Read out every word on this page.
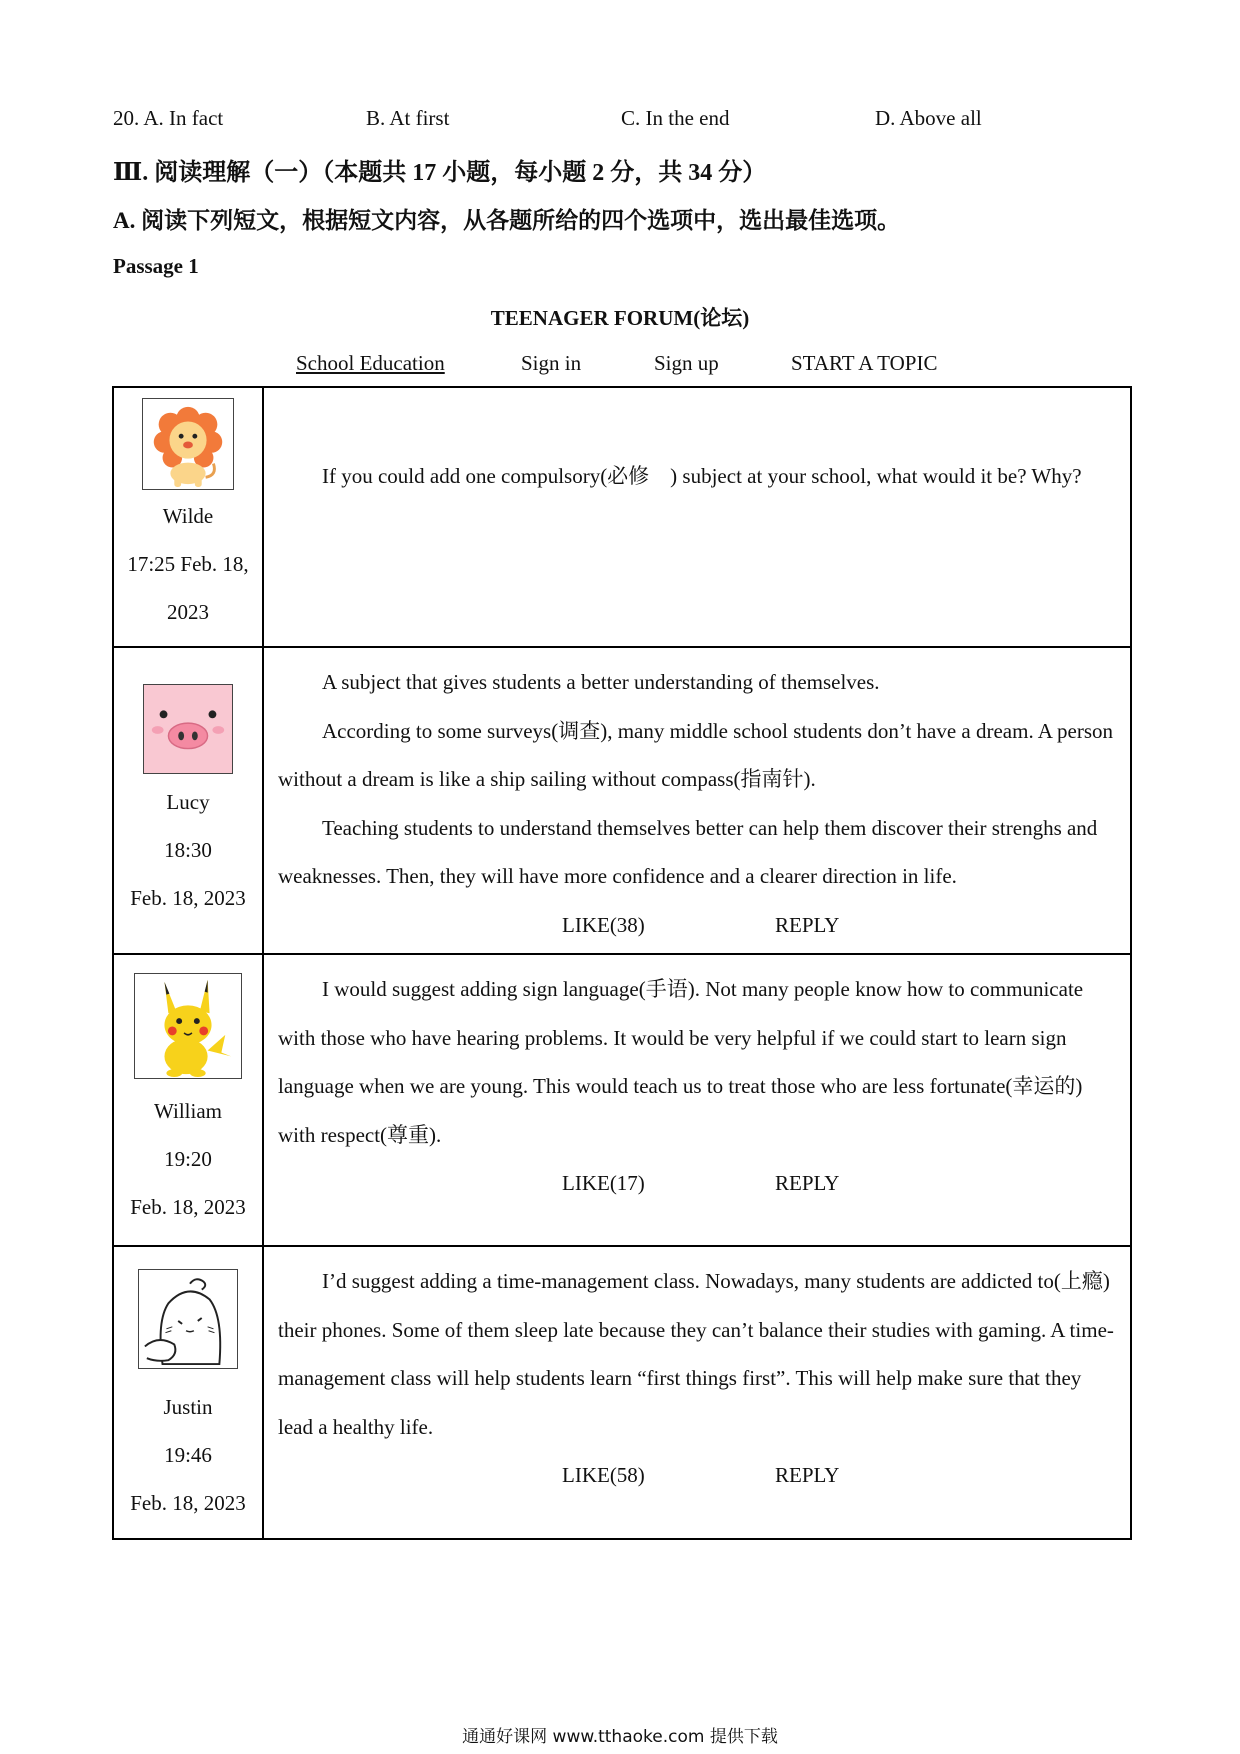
20. A. In fact	B. At first	C. In the end	D. Above all
Ⅲ. 阅读理解（一）（本题共 17 小题，每小题 2 分，共 34 分）
A. 阅读下列短文，根据短文内容，从各题所给的四个选项中，选出最佳选项。
Passage 1
TEENAGER FORUM(论坛)
School Education	Sign in	Sign up	START A TOPIC
Wilde
17:25 Feb. 18,
2023

If you could add one compulsory(必修　) subject at your school, what would it be? Why?

Lucy
18:30
Feb. 18, 2023

A subject that gives students a better understanding of themselves.

According to some surveys(调查), many middle school students don’t have a dream. A person without a dream is like a ship sailing without compass(指南针).

Teaching students to understand themselves better can help them discover their strenghs and weaknesses. Then, they will have more confidence and a clearer direction in life.

LIKE(38)	REPLY
William
19:20
Feb. 18, 2023

I would suggest adding sign language(手语). Not many people know how to communicate with those who have hearing problems. It would be very helpful if we could start to learn sign language when we are young. This would teach us to treat those who are less fortunate(幸运的) with respect(尊重).

LIKE(17)	REPLY
Justin
19:46
Feb. 18, 2023

I’d suggest adding a time-management class. Nowadays, many students are addicted to(上瘾) their phones. Some of them sleep late because they can’t balance their studies with gaming. A time-management class will help students learn “first things first”. This will help make sure that they lead a healthy life.

LIKE(58)	REPLY
通通好课网 www.tthaoke.com 提供下载
